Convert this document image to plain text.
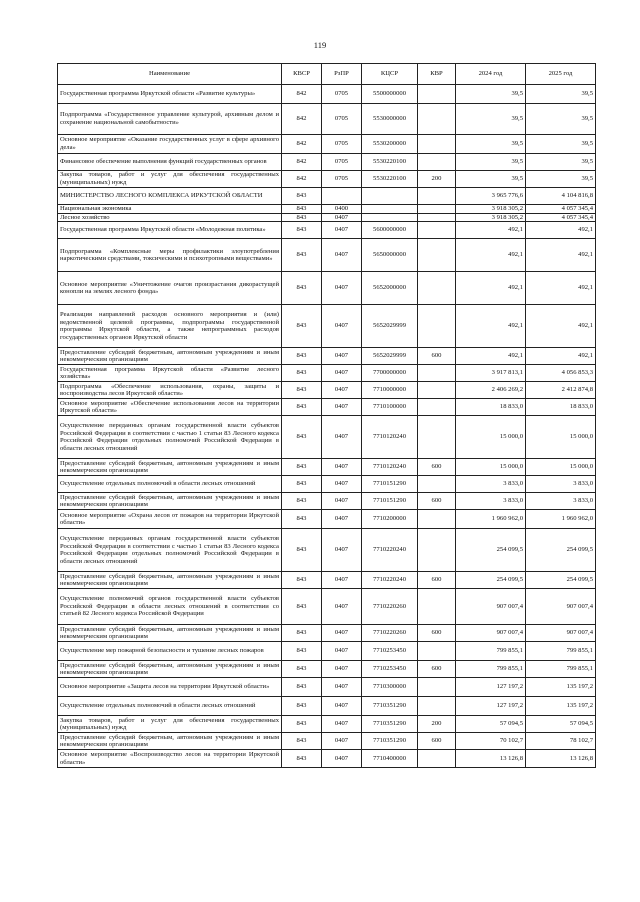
119
Наименование	КВСР	РзПР	КЦСР	КВР	2024 год	2025 год
Государственная программа Иркутской области «Развитие культуры»	842	0705	5500000000		39,5	39,5
Подпрограмма «Государственное управление культурой, архивным делом и сохранение национальной самобытности»	842	0705	5530000000		39,5	39,5
Основное мероприятие «Оказание государственных услуг в сфере архивного дела»	842	0705	5530200000		39,5	39,5
Финансовое обеспечение выполнения функций государственных органов	842	0705	5530220100		39,5	39,5
Закупка товаров, работ и услуг для обеспечения государственных (муниципальных) нужд	842	0705	5530220100	200	39,5	39,5
МИНИСТЕРСТВО ЛЕСНОГО КОМПЛЕКСА ИРКУТСКОЙ ОБЛАСТИ	843				3 965 776,6	4 104 816,8
Национальная экономика	843	0400			3 918 305,2	4 057 345,4
Лесное хозяйство	843	0407			3 918 305,2	4 057 345,4
Государственная программа Иркутской области «Молодежная политика»	843	0407	5600000000		492,1	492,1
Подпрограмма «Комплексные меры профилактики злоупотребления наркотическими средствами, токсическими и психотропными веществами»	843	0407	5650000000		492,1	492,1
Основное мероприятие «Уничтожение очагов произрастания дикорастущей конопли на землях лесного фонда»	843	0407	5652000000		492,1	492,1
Реализация направлений расходов основного мероприятия и (или) ведомственной целевой программы, подпрограммы государственной программы Иркутской области, а также непрограммных расходов государственных органов Иркутской области	843	0407	5652029999		492,1	492,1
Предоставление субсидий бюджетным, автономным учреждениям и иным некоммерческим организациям	843	0407	5652029999	600	492,1	492,1
Государственная программа Иркутской области «Развитие лесного хозяйства»	843	0407	7700000000		3 917 813,1	4 056 853,3
Подпрограмма «Обеспечение использования, охраны, защиты и воспроизводства лесов Иркутской области»	843	0407	7710000000		2 406 269,2	2 412 874,8
Основное мероприятие «Обеспечение использования лесов на территории Иркутской области»	843	0407	7710100000		18 833,0	18 833,0
Осуществление переданных органам государственной власти субъектов Российской Федерации в соответствии с частью 1 статьи 83 Лесного кодекса Российской Федерации отдельных полномочий Российской Федерации в области лесных отношений	843	0407	7710120240		15 000,0	15 000,0
Предоставление субсидий бюджетным, автономным учреждениям и иным некоммерческим организациям	843	0407	7710120240	600	15 000,0	15 000,0
Осуществление отдельных полномочий в области лесных отношений	843	0407	7710151290		3 833,0	3 833,0
Предоставление субсидий бюджетным, автономным учреждениям и иным некоммерческим организациям	843	0407	7710151290	600	3 833,0	3 833,0
Основное мероприятие «Охрана лесов от пожаров на территории Иркутской области»	843	0407	7710200000		1 960 962,0	1 960 962,0
Осуществление переданных органам государственной власти субъектов Российской Федерации в соответствии с частью 1 статьи 83 Лесного кодекса Российской Федерации отдельных полномочий Российской Федерации в области лесных отношений	843	0407	7710220240		254 099,5	254 099,5
Предоставление субсидий бюджетным, автономным учреждениям и иным некоммерческим организациям	843	0407	7710220240	600	254 099,5	254 099,5
Осуществление полномочий органов государственной власти субъектов Российской Федерации в области лесных отношений в соответствии со статьей 82 Лесного кодекса Российской Федерации	843	0407	7710220260		907 007,4	907 007,4
Предоставление субсидий бюджетным, автономным учреждениям и иным некоммерческим организациям	843	0407	7710220260	600	907 007,4	907 007,4
Осуществление мер пожарной безопасности и тушение лесных пожаров	843	0407	7710253450		799 855,1	799 855,1
Предоставление субсидий бюджетным, автономным учреждениям и иным некоммерческим организациям	843	0407	7710253450	600	799 855,1	799 855,1
Основное мероприятие «Защита лесов на территории Иркутской области»	843	0407	7710300000		127 197,2	135 197,2
Осуществление отдельных полномочий в области лесных отношений	843	0407	7710351290		127 197,2	135 197,2
Закупка товаров, работ и услуг для обеспечения государственных (муниципальных) нужд	843	0407	7710351290	200	57 094,5	57 094,5
Предоставление субсидий бюджетным, автономным учреждениям и иным некоммерческим организациям	843	0407	7710351290	600	70 102,7	78 102,7
Основное мероприятие «Воспроизводство лесов на территории Иркутской области»	843	0407	7710400000		13 126,8	13 126,8
